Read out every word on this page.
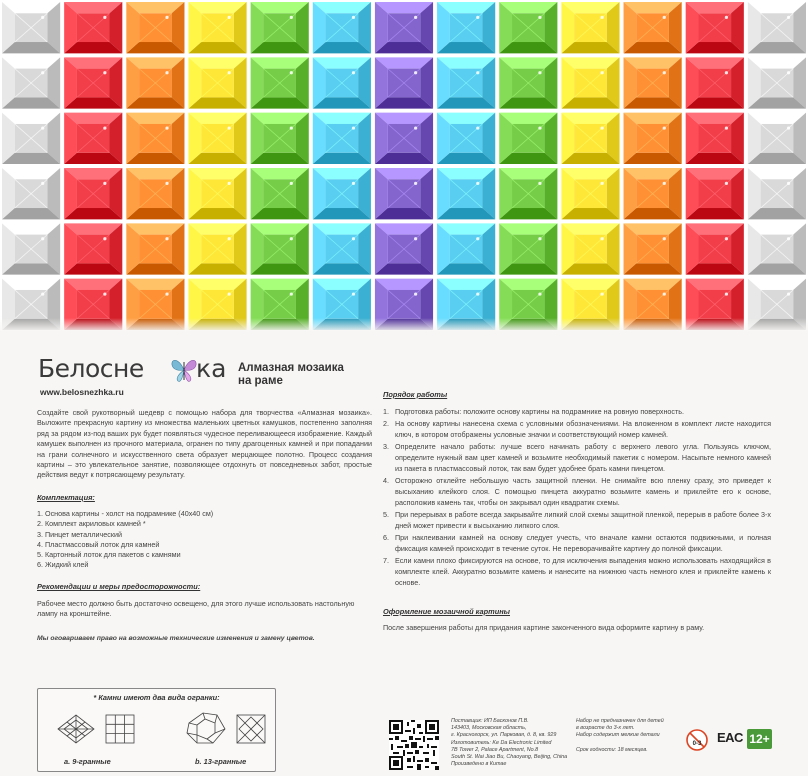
Белосне ка
www.belosnezhka.ru
Алмазная мозаика
на раме

Создайте свой рукотворный шедевр с помощью набора для творчества «Алмазная мозаика». Выложите прекрасную картину из множества маленьких цветных камушков, постепенно заполняя ряд за рядом из-под ваших рук будет появляться чудесное переливающееся изображение. Каждый камушек выполнен из прочного материала, огранен по типу драгоценных камней и при попадании на грани солнечного и искусственного света образует мерцающее полотно. Процесс создания картины – это увлекательное занятие, позволяющее отдохнуть от повседневных забот, простые действия ведут к потрясающему результату.

Комплектация:
1. Основа картины - холст на подрамнике (40x40 см)
2. Комплект акриловых камней *
3. Пинцет металлический
4. Пластмассовый лоток для камней
5. Картонный лоток для пакетов с камнями
6. Жидкий клей
Рекомендации и меры предосторожности:

Рабочее место должно быть достаточно освещено, для этого лучше использовать настольную лампу на кронштейне.

Мы оговариваем право на возможные технические изменения и замену цветов.

Порядок работы
1. Подготовка работы: положите основу картины на подрамнике на ровную поверхность.
2. На основу картины нанесена схема с условными обозначениями. На вложенном в комплект листе находится ключ, в котором отображены условные значки и соответствующий номер камней.
3. Определите начало работы: лучше всего начинать работу с верхнего левого угла. Пользуясь ключом, определите нужный вам цвет камней и возьмите необходимый пакетик с номером. Насыпьте немного камней из пакета в пластмассовый лоток, так вам будет удобнее брать камни пинцетом.
4. Осторожно отклейте небольшую часть защитной пленки. Не снимайте всю пленку сразу, это приведет к высыханию клейкого слоя. С помощью пинцета аккуратно возьмите камень и приклейте его к основе, расположив камень так, чтобы он закрывал один квадратик схемы.
5. При перерывах в работе всегда закрывайте липкий слой схемы защитной пленкой, перерыв в работе более 3-х дней может привести к высыханию липкого слоя.
6. При наклеивании камней на основу следует учесть, что вначале камни остаются подвижными, и полная фиксация камней происходит в течение суток. Не переворачивайте картину до полной фиксации.
7. Если камни плохо фиксируются на основе, то для исключения выпадения можно использовать находящийся в комплекте клей. Аккуратно возьмите камень и нанесите на нижнюю часть немного клея и приклейте камень к основе.
Оформление мозаичной картины

После завершения работы для придания картине законченного вида оформите картину в раму.

* Камни имеют два вида огранки:
a. 9-гранные	b. 13-гранные
Поставщик: ИП Басконов П.В.
143403, Московская область,
г. Красногорск, ул. Парковая, д. 8, кв. 929
Изготовитель: Ke Da Electronic Limited
7B Tower 2, Palace Apartment, No.8
South St. Wai Jiao Bu, Chaoyang, Beijing, China
Произведено в Китае
Набор не предназначен для детей
в возрасте до 3-х лет.
Набор содержит мелкие детали

Срок годности: 18 месяцев.
0-3 EAC 12+
